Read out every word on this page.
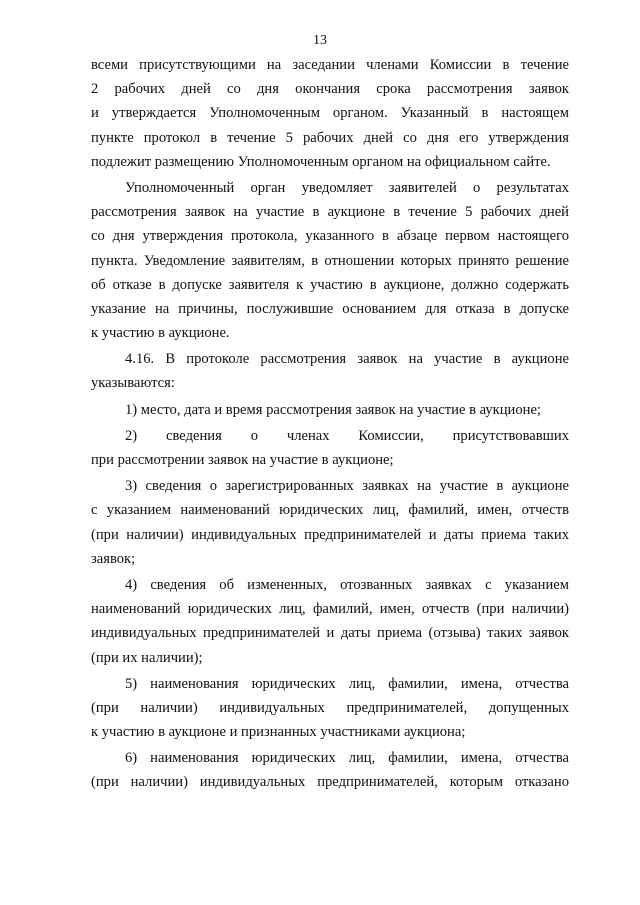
13
всеми присутствующими на заседании членами Комиссии в течение
2 рабочих дней со дня окончания срока рассмотрения заявок
и утверждается Уполномоченным органом. Указанный в настоящем
пункте протокол в течение 5 рабочих дней со дня его утверждения
подлежит размещению Уполномоченным органом на официальном сайте.
Уполномоченный орган уведомляет заявителей о результатах
рассмотрения заявок на участие в аукционе в течение 5 рабочих дней
со дня утверждения протокола, указанного в абзаце первом настоящего
пункта. Уведомление заявителям, в отношении которых принято решение
об отказе в допуске заявителя к участию в аукционе, должно содержать
указание на причины, послужившие основанием для отказа в допуске
к участию в аукционе.
4.16. В протоколе рассмотрения заявок на участие в аукционе
указываются:
1) место, дата и время рассмотрения заявок на участие в аукционе;
2) сведения о членах Комиссии, присутствовавших
при рассмотрении заявок на участие в аукционе;
3) сведения о зарегистрированных заявках на участие в аукционе
с указанием наименований юридических лиц, фамилий, имен, отчеств
(при наличии) индивидуальных предпринимателей и даты приема таких
заявок;
4) сведения об измененных, отозванных заявках с указанием
наименований юридических лиц, фамилий, имен, отчеств (при наличии)
индивидуальных предпринимателей и даты приема (отзыва) таких заявок
(при их наличии);
5) наименования юридических лиц, фамилии, имена, отчества
(при наличии) индивидуальных предпринимателей, допущенных
к участию в аукционе и признанных участниками аукциона;
6) наименования юридических лиц, фамилии, имена, отчества
(при наличии) индивидуальных предпринимателей, которым отказано
